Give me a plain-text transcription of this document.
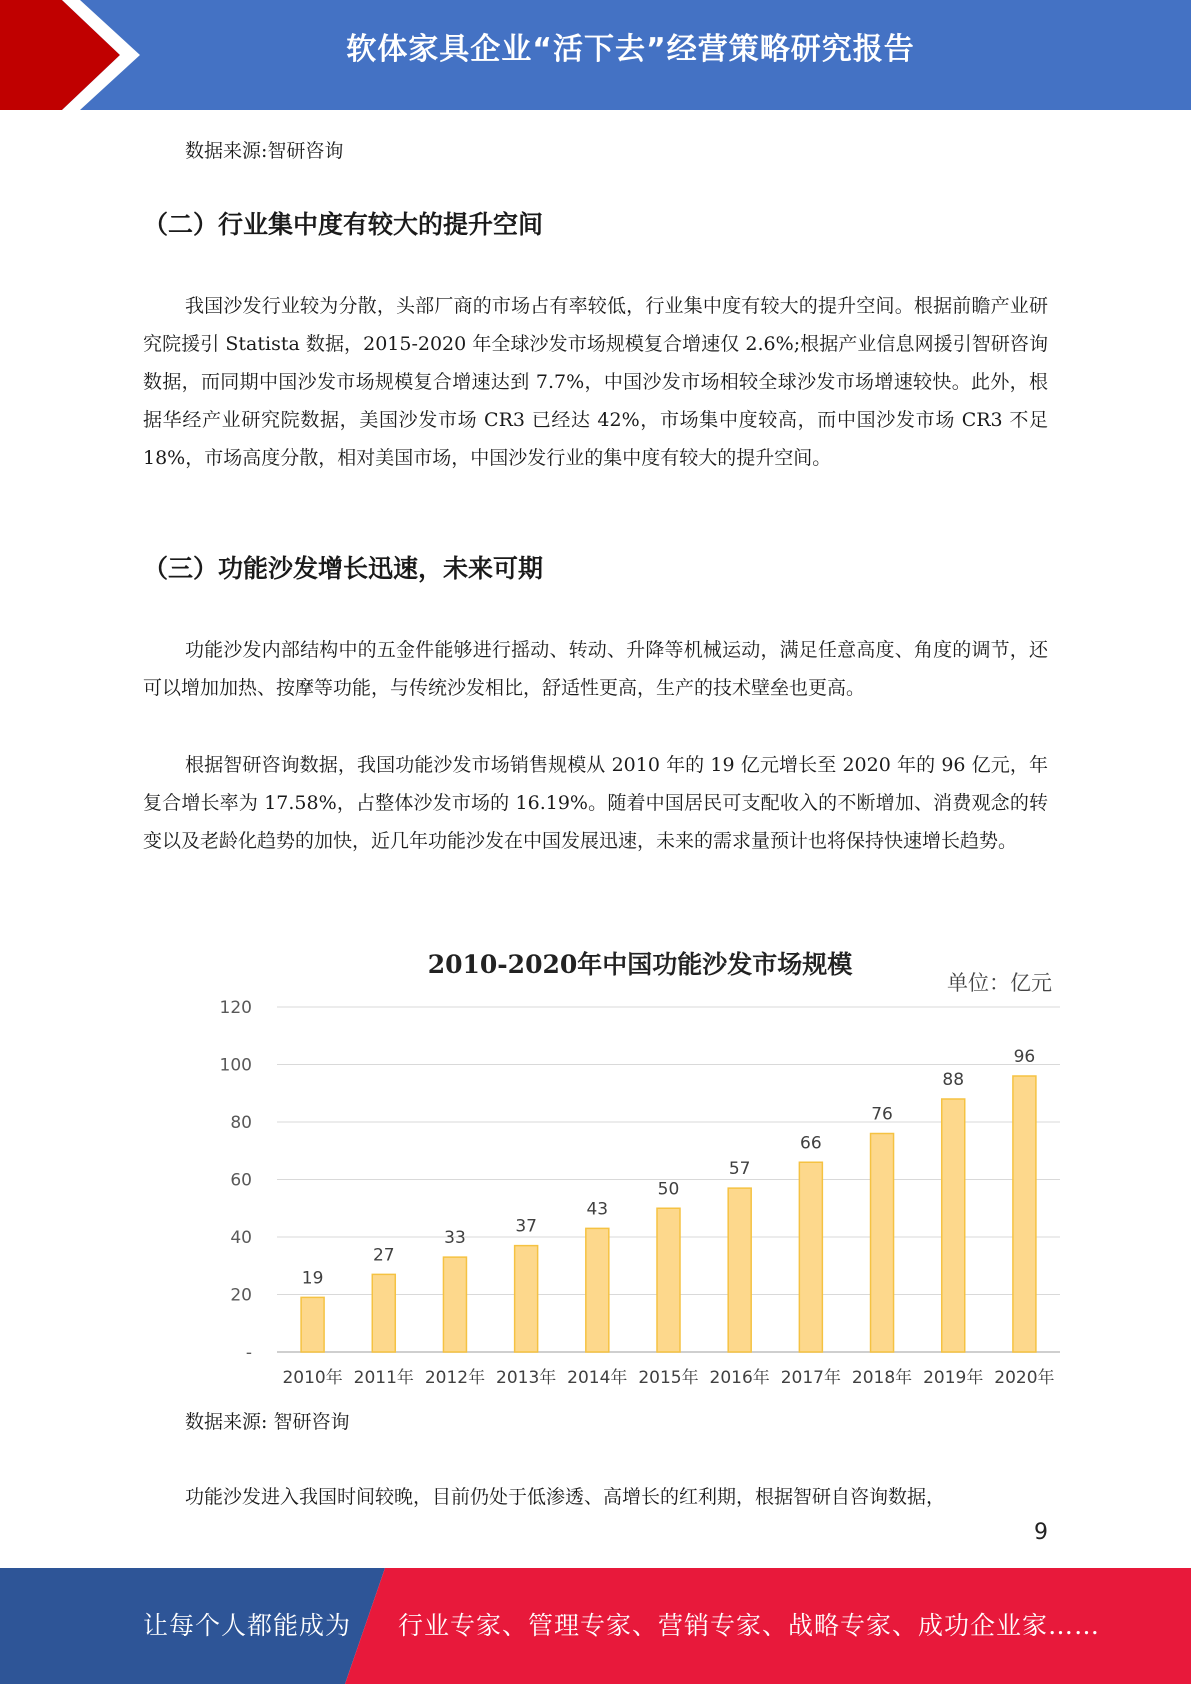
软体家具企业“活下去”经营策略研究报告

数据来源:智研咨询

（二）行业集中度有较大的提升空间

我国沙发行业较为分散，头部厂商的市场占有率较低，行业集中度有较大的提升空间。根据前瞻产业研究院援引 Statista 数据，2015-2020 年全球沙发市场规模复合增速仅 2.6%;根据产业信息网援引智研咨询数据，而同期中国沙发市场规模复合增速达到 7.7%，中国沙发市场相较全球沙发市场增速较快。此外，根据华经产业研究院数据，美国沙发市场 CR3 已经达 42%，市场集中度较高，而中国沙发市场 CR3 不足 18%，市场高度分散，相对美国市场，中国沙发行业的集中度有较大的提升空间。

（三）功能沙发增长迅速，未来可期

功能沙发内部结构中的五金件能够进行摇动、转动、升降等机械运动，满足任意高度、角度的调节，还可以增加加热、按摩等功能，与传统沙发相比，舒适性更高，生产的技术壁垒也更高。

根据智研咨询数据，我国功能沙发市场销售规模从 2010 年的 19 亿元增长至 2020 年的 96 亿元，年复合增长率为 17.58%，占整体沙发市场的 16.19%。随着中国居民可支配收入的不断增加、消费观念的转变以及老龄化趋势的加快，近几年功能沙发在中国发展迅速，未来的需求量预计也将保持快速增长趋势。

-
20
40
60
80
100
120
19
2010年
27
2011年
33
2012年
37
2013年
43
2014年
50
2015年
57
2016年
66
2017年
76
2018年
88
2019年
96
2020年
2010-2020年中国功能沙发市场规模
单位：亿元

数据来源: 智研咨询

功能沙发进入我国时间较晚，目前仍处于低渗透、高增长的红利期，根据智研自咨询数据，

9
让每个人都能成为 行业专家、管理专家、营销专家、战略专家、成功企业家……
